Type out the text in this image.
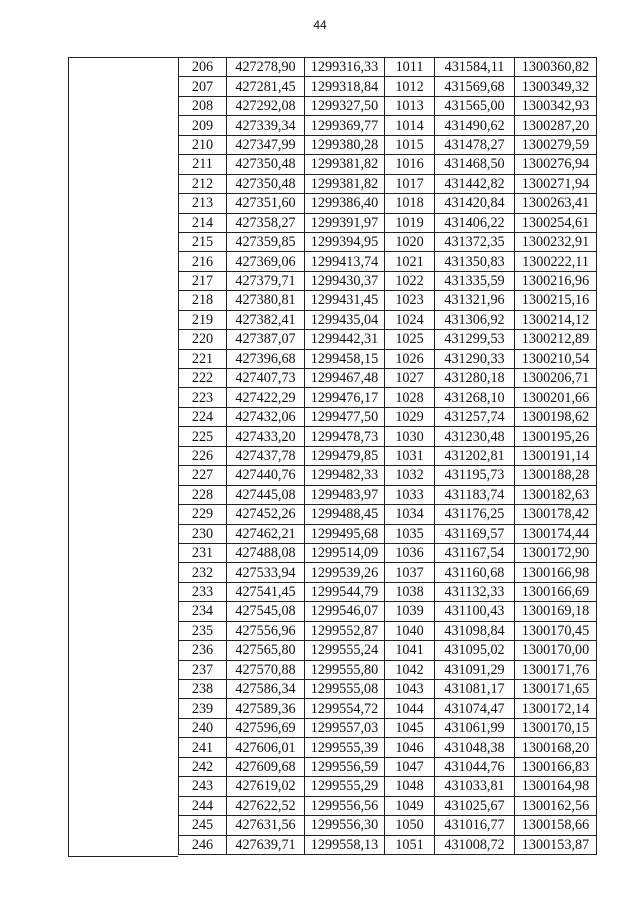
44
206	427278,90	1299316,33	1011	431584,11	1300360,82
207	427281,45	1299318,84	1012	431569,68	1300349,32
208	427292,08	1299327,50	1013	431565,00	1300342,93
209	427339,34	1299369,77	1014	431490,62	1300287,20
210	427347,99	1299380,28	1015	431478,27	1300279,59
211	427350,48	1299381,82	1016	431468,50	1300276,94
212	427350,48	1299381,82	1017	431442,82	1300271,94
213	427351,60	1299386,40	1018	431420,84	1300263,41
214	427358,27	1299391,97	1019	431406,22	1300254,61
215	427359,85	1299394,95	1020	431372,35	1300232,91
216	427369,06	1299413,74	1021	431350,83	1300222,11
217	427379,71	1299430,37	1022	431335,59	1300216,96
218	427380,81	1299431,45	1023	431321,96	1300215,16
219	427382,41	1299435,04	1024	431306,92	1300214,12
220	427387,07	1299442,31	1025	431299,53	1300212,89
221	427396,68	1299458,15	1026	431290,33	1300210,54
222	427407,73	1299467,48	1027	431280,18	1300206,71
223	427422,29	1299476,17	1028	431268,10	1300201,66
224	427432,06	1299477,50	1029	431257,74	1300198,62
225	427433,20	1299478,73	1030	431230,48	1300195,26
226	427437,78	1299479,85	1031	431202,81	1300191,14
227	427440,76	1299482,33	1032	431195,73	1300188,28
228	427445,08	1299483,97	1033	431183,74	1300182,63
229	427452,26	1299488,45	1034	431176,25	1300178,42
230	427462,21	1299495,68	1035	431169,57	1300174,44
231	427488,08	1299514,09	1036	431167,54	1300172,90
232	427533,94	1299539,26	1037	431160,68	1300166,98
233	427541,45	1299544,79	1038	431132,33	1300166,69
234	427545,08	1299546,07	1039	431100,43	1300169,18
235	427556,96	1299552,87	1040	431098,84	1300170,45
236	427565,80	1299555,24	1041	431095,02	1300170,00
237	427570,88	1299555,80	1042	431091,29	1300171,76
238	427586,34	1299555,08	1043	431081,17	1300171,65
239	427589,36	1299554,72	1044	431074,47	1300172,14
240	427596,69	1299557,03	1045	431061,99	1300170,15
241	427606,01	1299555,39	1046	431048,38	1300168,20
242	427609,68	1299556,59	1047	431044,76	1300166,83
243	427619,02	1299555,29	1048	431033,81	1300164,98
244	427622,52	1299556,56	1049	431025,67	1300162,56
245	427631,56	1299556,30	1050	431016,77	1300158,66
246	427639,71	1299558,13	1051	431008,72	1300153,87
